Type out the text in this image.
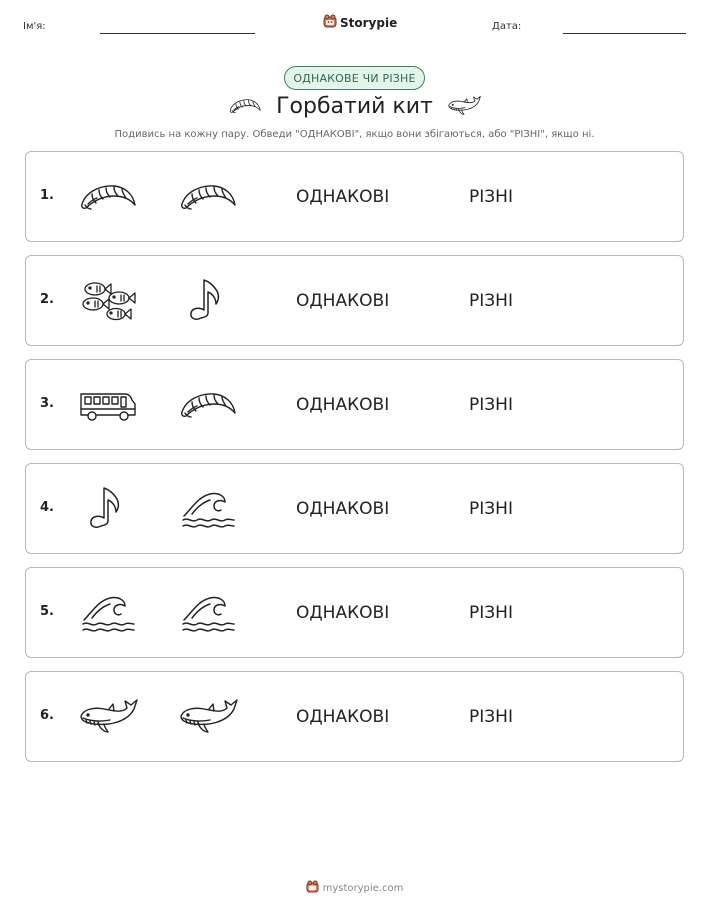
Ім'я:	Storypie	Дата:
ОДНАКОВЕ ЧИ РІЗНЕ
Горбатий кит
Подивись на кожну пару. Обведи "ОДНАКОВІ", якщо вони збігаються, або "РІЗНІ", якщо ні.
1.	ОДНАКОВІ	РІЗНІ
2.	ОДНАКОВІ	РІЗНІ
3.	ОДНАКОВІ	РІЗНІ
4.	ОДНАКОВІ	РІЗНІ
5.	ОДНАКОВІ	РІЗНІ
6.	ОДНАКОВІ	РІЗНІ
mystorypie.com
